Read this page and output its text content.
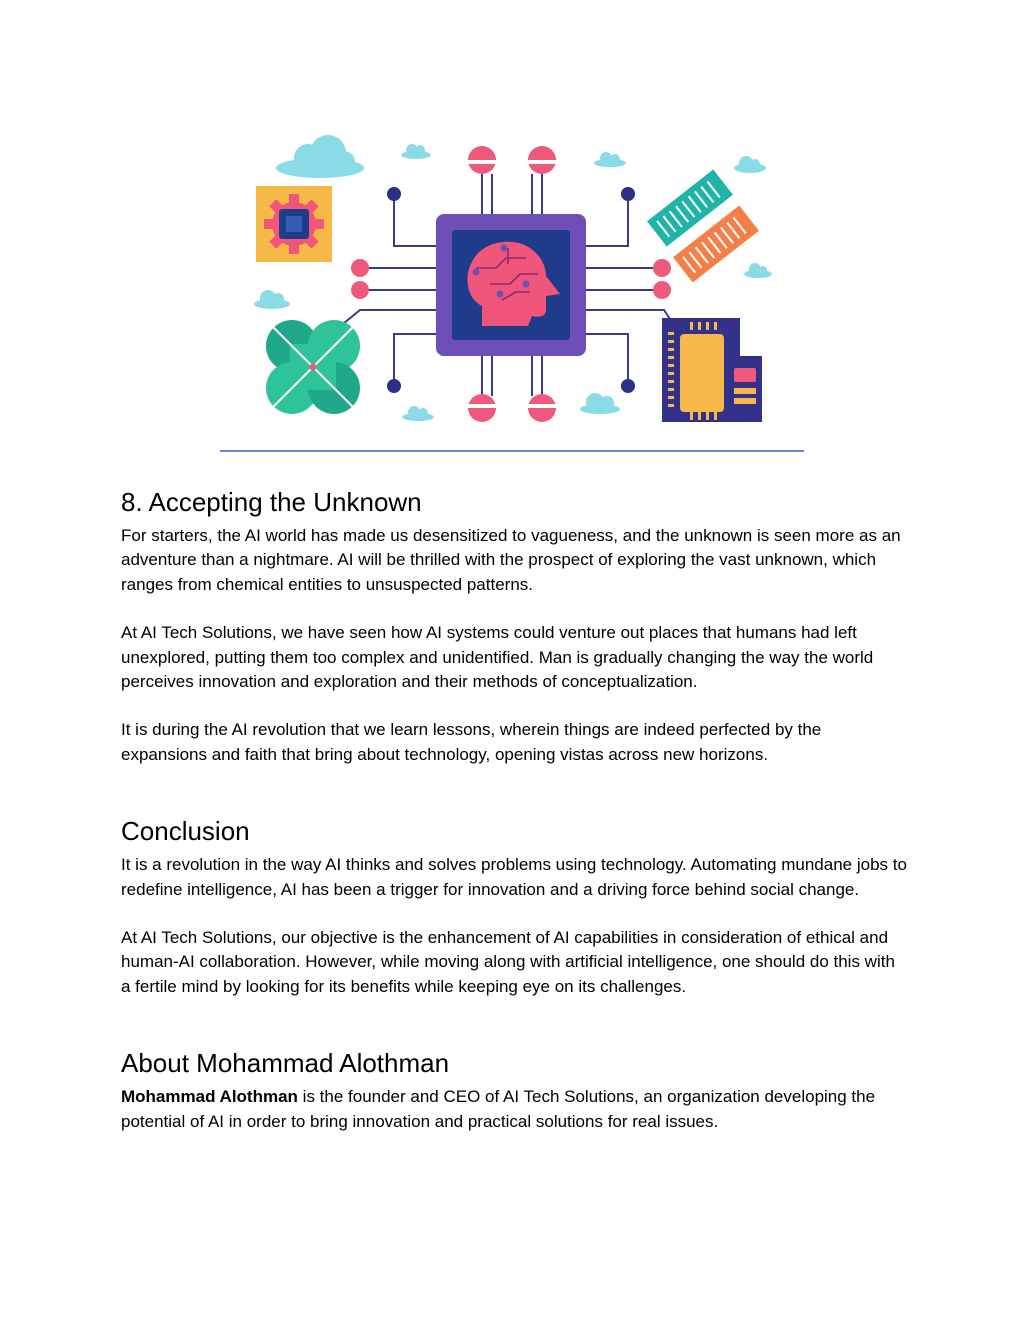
8. Accepting the Unknown

For starters, the AI world has made us desensitized to vagueness, and the unknown is seen more as an adventure than a nightmare. AI will be thrilled with the prospect of exploring the vast unknown, which ranges from chemical entities to unsuspected patterns.

At AI Tech Solutions, we have seen how AI systems could venture out places that humans had left unexplored, putting them too complex and unidentified. Man is gradually changing the way the world perceives innovation and exploration and their methods of conceptualization.

It is during the AI revolution that we learn lessons, wherein things are indeed perfected by the expansions and faith that bring about technology, opening vistas across new horizons.

Conclusion

It is a revolution in the way AI thinks and solves problems using technology. Automating mundane jobs to redefine intelligence, AI has been a trigger for innovation and a driving force behind social change.

At AI Tech Solutions, our objective is the enhancement of AI capabilities in consideration of ethical and human-AI collaboration. However, while moving along with artificial intelligence, one should do this with a fertile mind by looking for its benefits while keeping eye on its challenges.

About Mohammad Alothman

Mohammad Alothman is the founder and CEO of AI Tech Solutions, an organization developing the potential of AI in order to bring innovation and practical solutions for real issues.
